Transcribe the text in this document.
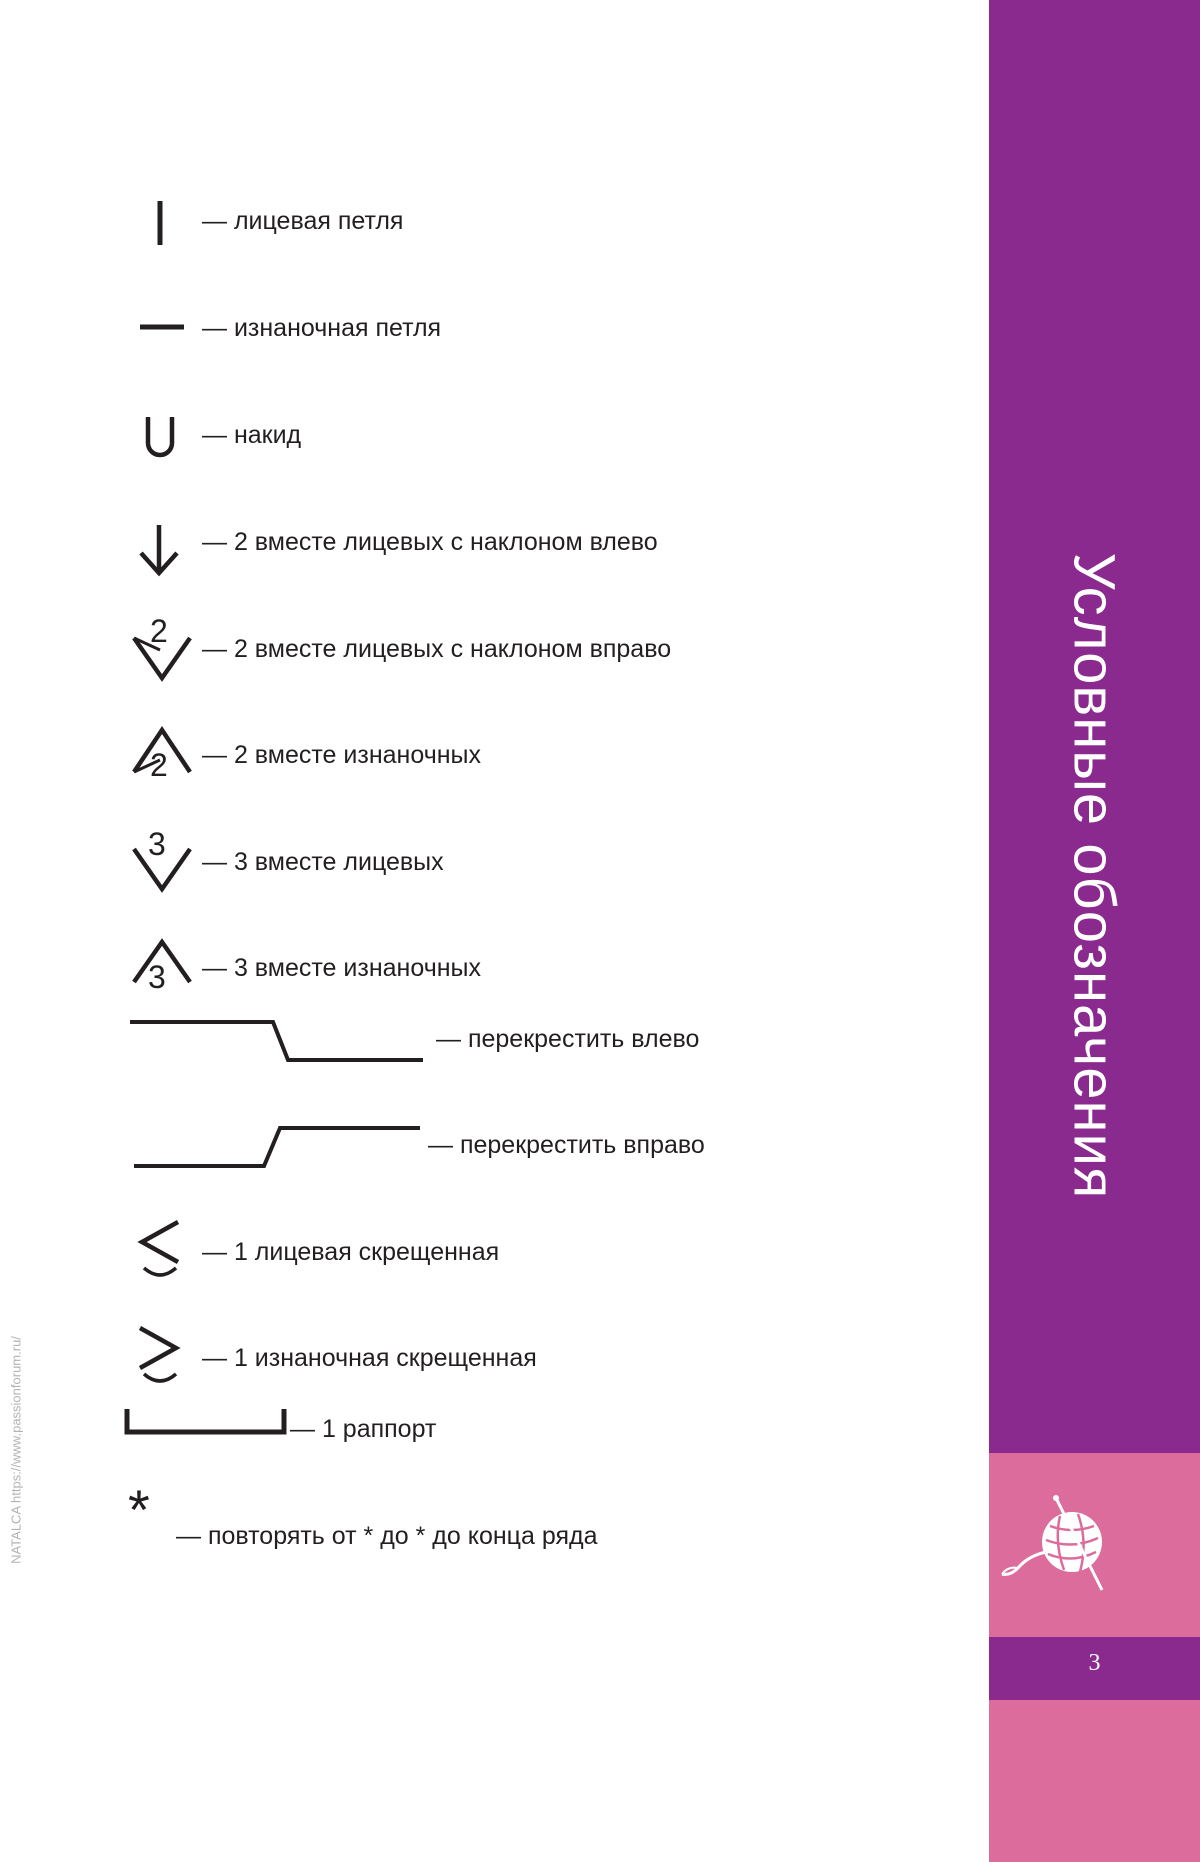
— лицевая петля
— изнаночная петля
— накид
— 2 вместе лицевых с наклоном влево
2 — 2 вместе лицевых с наклоном вправо
2 — 2 вместе изнаночных
3 — 3 вместе лицевых
3 — 3 вместе изнаночных
— перекрестить влево
— перекрестить вправо
— 1 лицевая скрещенная
— 1 изнаночная скрещенная
— 1 раппорт
* — повторять от * до * до конца ряда
Условные обозначения
3
NATALCA https://www.passionforum.ru/
